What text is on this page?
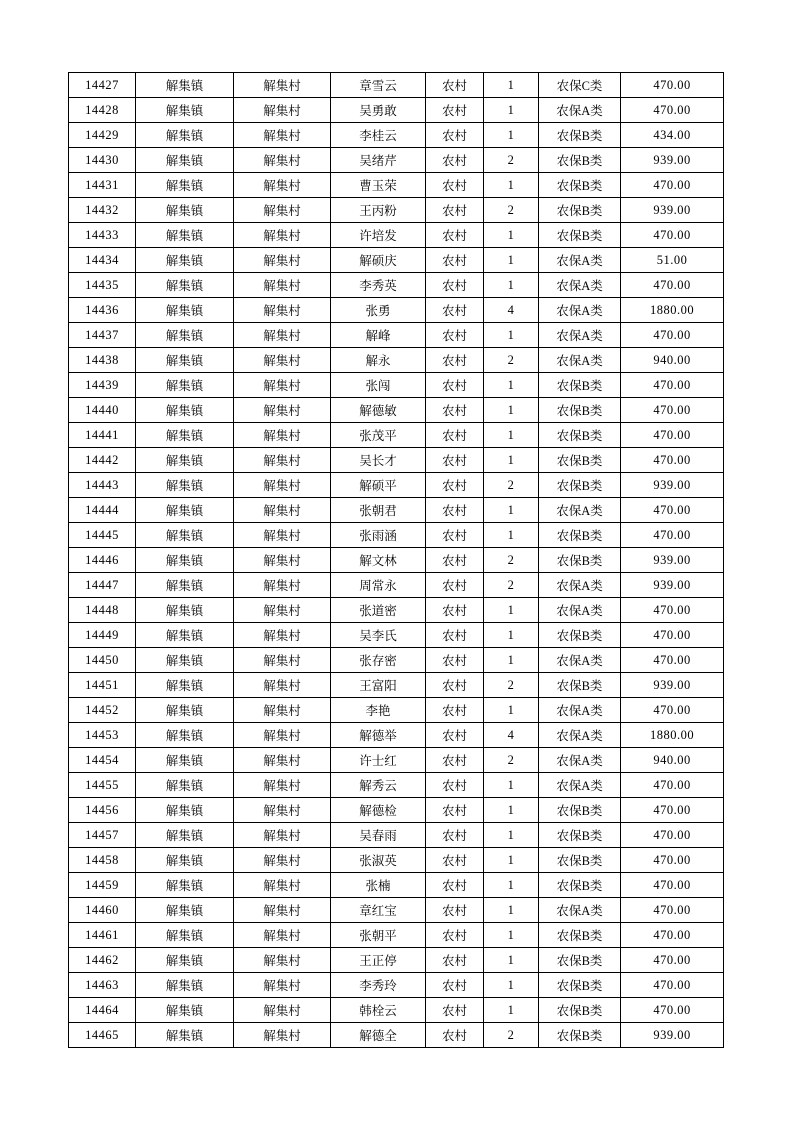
14427	解集镇	解集村	章雪云	农村	1	农保C类	470.00
14428	解集镇	解集村	吴勇敢	农村	1	农保A类	470.00
14429	解集镇	解集村	李桂云	农村	1	农保B类	434.00
14430	解集镇	解集村	吴绪芹	农村	2	农保B类	939.00
14431	解集镇	解集村	曹玉荣	农村	1	农保B类	470.00
14432	解集镇	解集村	王丙粉	农村	2	农保B类	939.00
14433	解集镇	解集村	许培发	农村	1	农保B类	470.00
14434	解集镇	解集村	解硕庆	农村	1	农保A类	51.00
14435	解集镇	解集村	李秀英	农村	1	农保A类	470.00
14436	解集镇	解集村	张勇	农村	4	农保A类	1880.00
14437	解集镇	解集村	解峰	农村	1	农保A类	470.00
14438	解集镇	解集村	解永	农村	2	农保A类	940.00
14439	解集镇	解集村	张闯	农村	1	农保B类	470.00
14440	解集镇	解集村	解德敏	农村	1	农保B类	470.00
14441	解集镇	解集村	张茂平	农村	1	农保B类	470.00
14442	解集镇	解集村	吴长才	农村	1	农保B类	470.00
14443	解集镇	解集村	解硕平	农村	2	农保B类	939.00
14444	解集镇	解集村	张朝君	农村	1	农保A类	470.00
14445	解集镇	解集村	张雨涵	农村	1	农保B类	470.00
14446	解集镇	解集村	解文林	农村	2	农保B类	939.00
14447	解集镇	解集村	周常永	农村	2	农保A类	939.00
14448	解集镇	解集村	张道密	农村	1	农保A类	470.00
14449	解集镇	解集村	吴李氏	农村	1	农保B类	470.00
14450	解集镇	解集村	张存密	农村	1	农保A类	470.00
14451	解集镇	解集村	王富阳	农村	2	农保B类	939.00
14452	解集镇	解集村	李艳	农村	1	农保A类	470.00
14453	解集镇	解集村	解德举	农村	4	农保A类	1880.00
14454	解集镇	解集村	许士红	农村	2	农保A类	940.00
14455	解集镇	解集村	解秀云	农村	1	农保A类	470.00
14456	解集镇	解集村	解德检	农村	1	农保B类	470.00
14457	解集镇	解集村	吴春雨	农村	1	农保B类	470.00
14458	解集镇	解集村	张淑英	农村	1	农保B类	470.00
14459	解集镇	解集村	张楠	农村	1	农保B类	470.00
14460	解集镇	解集村	章红宝	农村	1	农保A类	470.00
14461	解集镇	解集村	张朝平	农村	1	农保B类	470.00
14462	解集镇	解集村	王正停	农村	1	农保B类	470.00
14463	解集镇	解集村	李秀玲	农村	1	农保B类	470.00
14464	解集镇	解集村	韩栓云	农村	1	农保B类	470.00
14465	解集镇	解集村	解德全	农村	2	农保B类	939.00
